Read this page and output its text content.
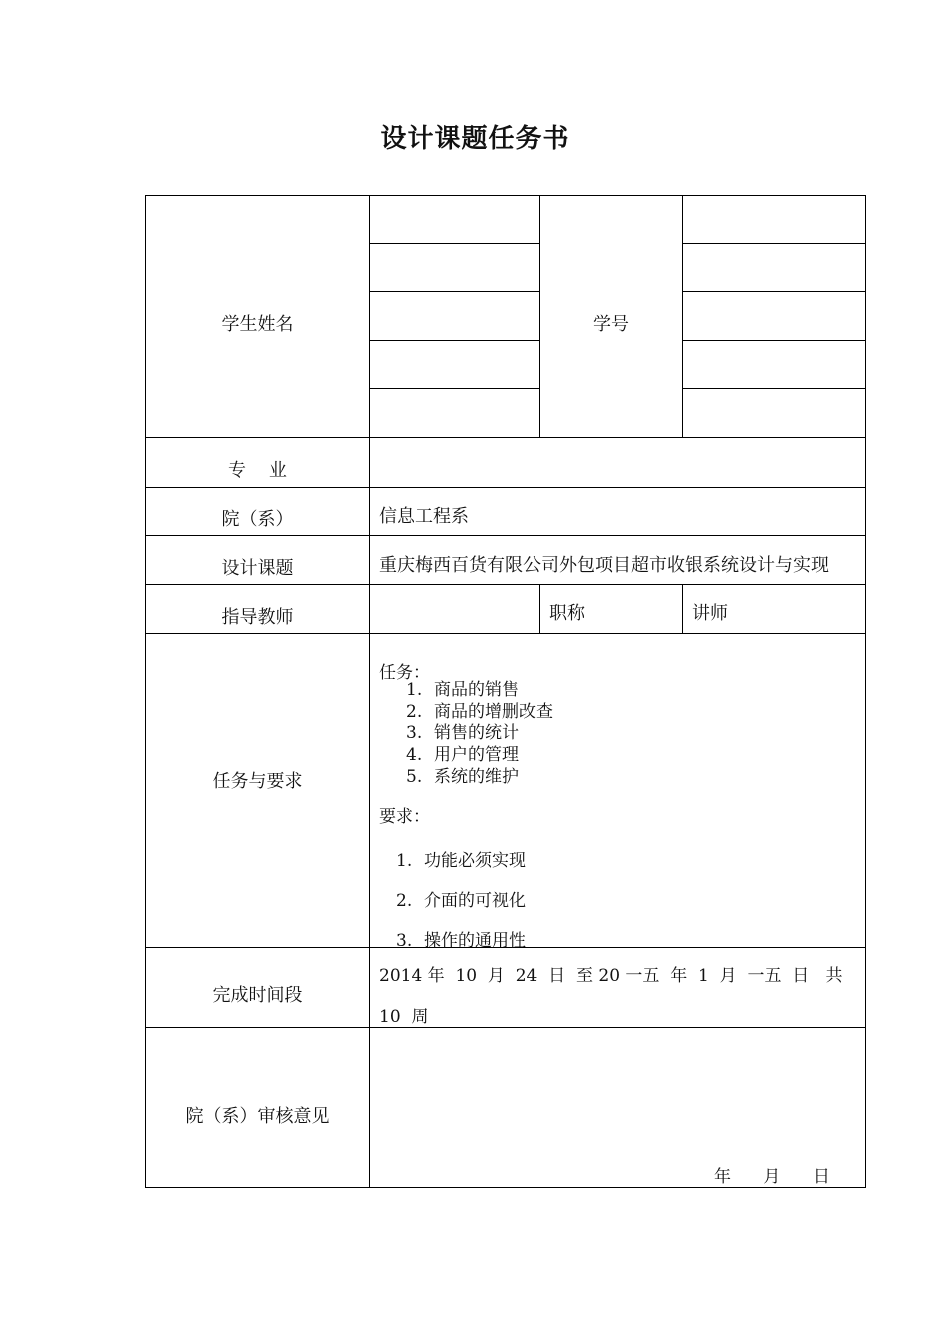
设计课题任务书
学生姓名
专    业
院（系）
设计课题
指导教师
任务与要求
完成时间段
院（系）审核意见
学号
信息工程系
重庆梅西百货有限公司外包项目超市收银系统设计与实现
职称	讲师
任务：
1. 商品的销售
2. 商品的增删改查
3. 销售的统计
4. 用户的管理
5. 系统的维护
要求：
1. 功能必须实现
2. 介面的可视化
3. 操作的通用性
2014 年  10  月  24  日  至 20 一五  年  1  月  一五  日   共
10  周
年      月      日
